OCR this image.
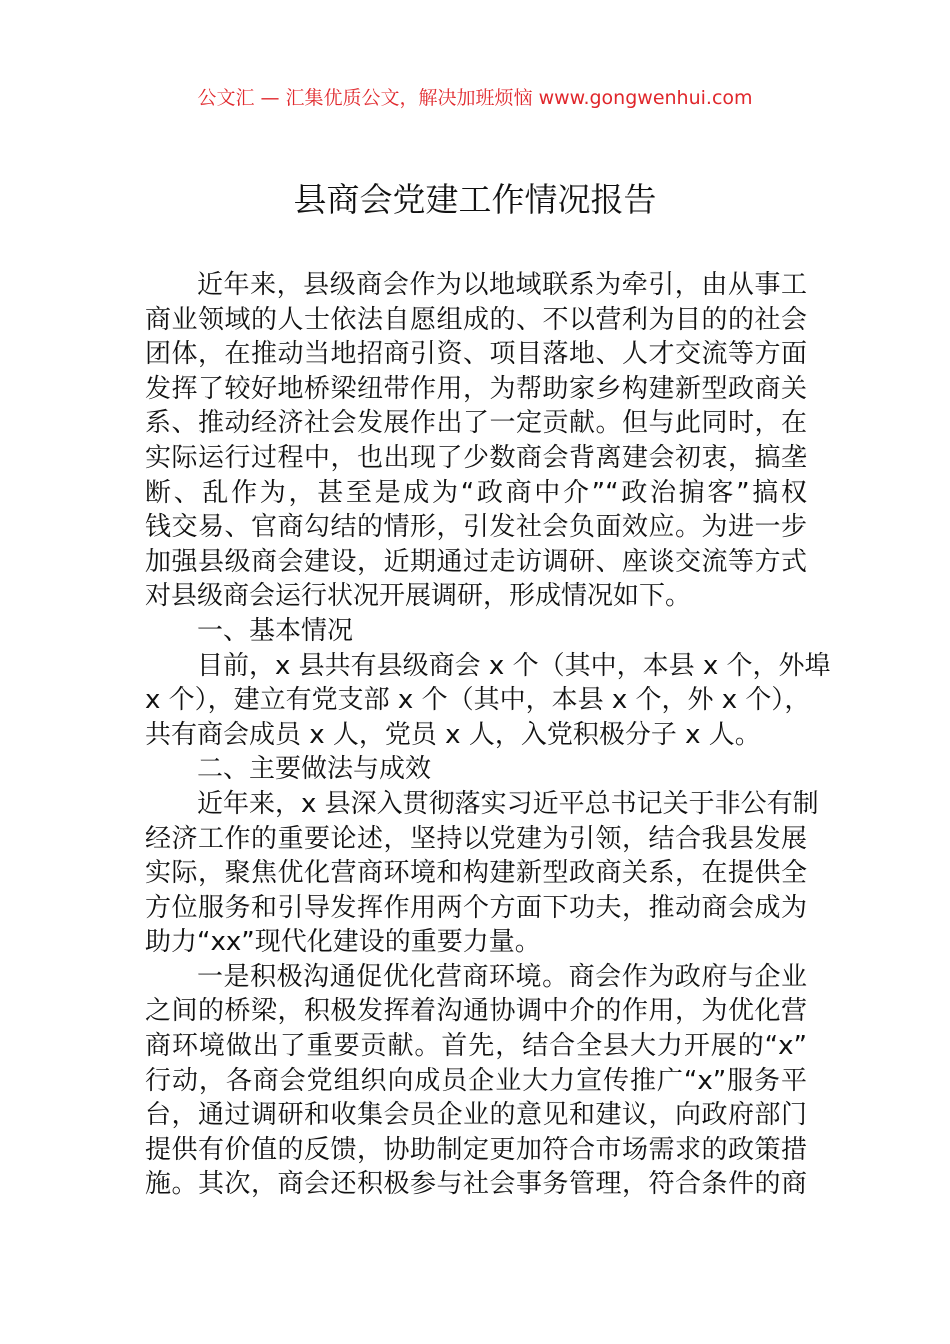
公文汇 — 汇集优质公文，解决加班烦恼 www.gongwenhui.com
县商会党建工作情况报告
近年来，县级商会作为以地域联系为牵引，由从事工
商业领域的人士依法自愿组成的、不以营利为目的的社会
团体，在推动当地招商引资、项目落地、人才交流等方面
发挥了较好地桥梁纽带作用，为帮助家乡构建新型政商关
系、推动经济社会发展作出了一定贡献。但与此同时，在
实际运行过程中，也出现了少数商会背离建会初衷，搞垄
断、乱作为，甚至是成为“政商中介”“政治掮客”搞权
钱交易、官商勾结的情形，引发社会负面效应。为进一步
加强县级商会建设，近期通过走访调研、座谈交流等方式
对县级商会运行状况开展调研，形成情况如下。
一、基本情况
目前，x 县共有县级商会 x 个（其中，本县 x 个，外埠
x 个），建立有党支部 x 个（其中，本县 x 个，外 x 个），
共有商会成员 x 人，党员 x 人，入党积极分子 x 人。
二、主要做法与成效
近年来，x 县深入贯彻落实习近平总书记关于非公有制
经济工作的重要论述，坚持以党建为引领，结合我县发展
实际，聚焦优化营商环境和构建新型政商关系，在提供全
方位服务和引导发挥作用两个方面下功夫，推动商会成为
助力“xx”现代化建设的重要力量。
一是积极沟通促优化营商环境。商会作为政府与企业
之间的桥梁，积极发挥着沟通协调中介的作用，为优化营
商环境做出了重要贡献。首先，结合全县大力开展的“x”
行动，各商会党组织向成员企业大力宣传推广“x”服务平
台，通过调研和收集会员企业的意见和建议，向政府部门
提供有价值的反馈，协助制定更加符合市场需求的政策措
施。其次，商会还积极参与社会事务管理，符合条件的商
